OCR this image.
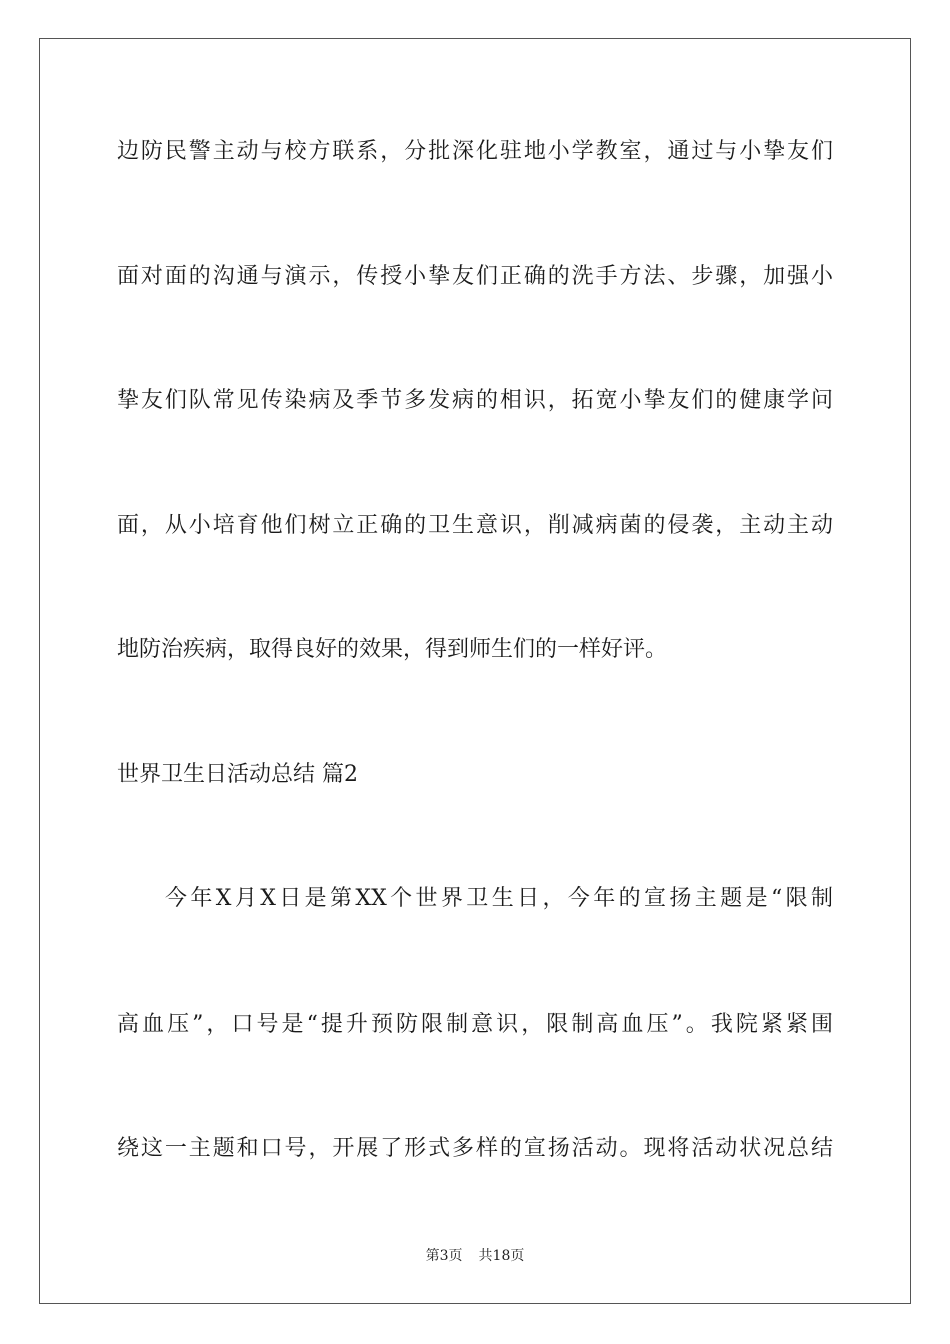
边防民警主动与校方联系，分批深化驻地小学教室，通过与小挚友们
面对面的沟通与演示，传授小挚友们正确的洗手方法、步骤，加强小
挚友们队常见传染病及季节多发病的相识，拓宽小挚友们的健康学问
面，从小培育他们树立正确的卫生意识，削减病菌的侵袭，主动主动
地防治疾病，取得良好的效果，得到师生们的一样好评。
世界卫生日活动总结 篇2
今年X月X日是第XX个世界卫生日，今年的宣扬主题是“限制
高血压”，口号是“提升预防限制意识，限制高血压”。我院紧紧围
绕这一主题和口号，开展了形式多样的宣扬活动。现将活动状况总结
第3页 共18页
